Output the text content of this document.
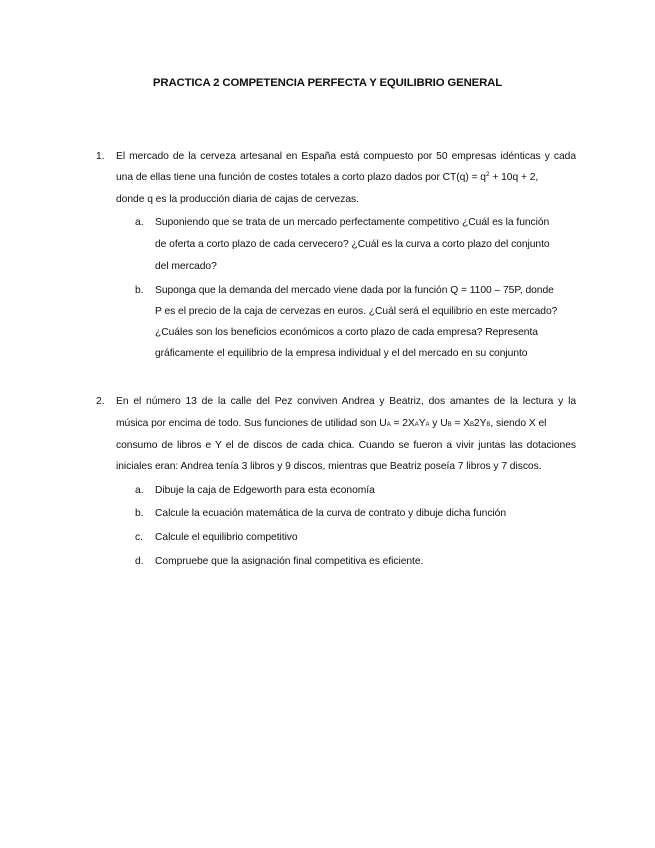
PRACTICA 2 COMPETENCIA PERFECTA Y EQUILIBRIO GENERAL
1. El mercado de la cerveza artesanal en España está compuesto por 50 empresas idénticas y cada
una de ellas tiene una función de costes totales a corto plazo dados por $CT(q) = q^2 + 10q + 2$,
donde q es la producción diaria de cajas de cervezas.
a. Suponiendo que se trata de un mercado perfectamente competitivo ¿Cuál es la función
de oferta a corto plazo de cada cervecero? ¿Cuál es la curva a corto plazo del conjunto
del mercado?
b. Suponga que la demanda del mercado viene dada por la función Q = 1100 – 75P, donde
P es el precio de la caja de cervezas en euros. ¿Cuál será el equilibrio en este mercado?
¿Cuáles son los beneficios económicos a corto plazo de cada empresa? Representa
gráficamente el equilibrio de la empresa individual y el del mercado en su conjunto
2. En el número 13 de la calle del Pez conviven Andrea y Beatriz, dos amantes de la lectura y la
música por encima de todo. Sus funciones de utilidad son UA = 2XAYA y UB = XB2YB, siendo X el
consumo de libros e Y el de discos de cada chica. Cuando se fueron a vivir juntas las dotaciones
iniciales eran: Andrea tenía 3 libros y 9 discos, mientras que Beatriz poseía 7 libros y 7 discos.
a. Dibuje la caja de Edgeworth para esta economía
b. Calcule la ecuación matemática de la curva de contrato y dibuje dicha función
c. Calcule el equilibrio competitivo
d. Compruebe que la asignación final competitiva es eficiente.
